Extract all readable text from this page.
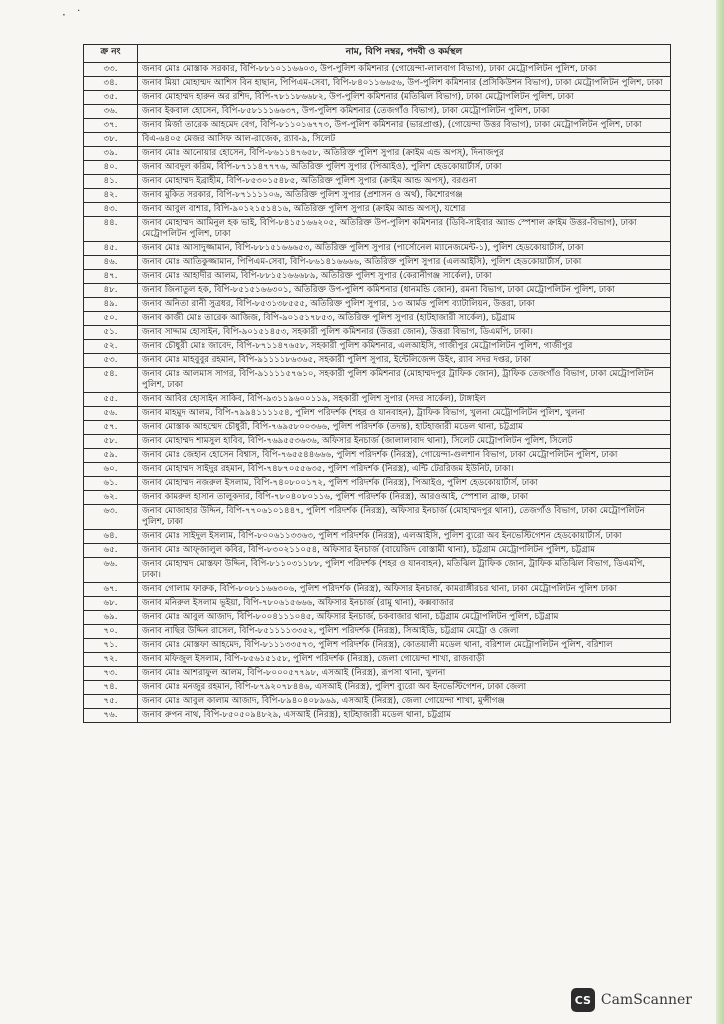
· ˙
ক্র নং	নাম, বিপি নম্বর, পদবী ও কর্মস্থল
৩৩.	জনাব মোঃ মোস্তাক সরকার, বিপি-৮৮১০১১৬৬০৩, উপ-পুলিশ কমিশনার (গোয়েন্দা-লালবাগ বিভাগ), ঢাকা মেট্রোপলিটন পুলিশ, ঢাকা
৩৪.	জনাব মিয়া মোহাম্মদ আশিস বিন হাছান, পিপিএম-সেবা, বিপি-৮৪০১১৬৬৫৬, উপ-পুলিশ কমিশনার (প্রসিকিউশন বিভাগ), ঢাকা মেট্রোপলিটন পুলিশ, ঢাকা
৩৫.	জনাব মোহাম্মদ হারুন অর রশিদ, বিপি-৭৮১১৮৬৬৮২, উপ-পুলিশ কমিশনার (মতিঝিল বিভাগ), ঢাকা মেট্রোপলিটন পুলিশ, ঢাকা
৩৬.	জনাব ইকবাল হোসেন, বিপি-৮৫৮১১১৬৬৩৭, উপ-পুলিশ কমিশনার (তেজগাঁও বিভাগ), ঢাকা মেট্রোপলিটন পুলিশ, ঢাকা
৩৭.	জনাব মির্জা তারেক আহমেদ বেগ, বিপি-৮১১০১৬৭৭৩, উপ-পুলিশ কমিশনার (ভারপ্রাপ্ত), (গোয়েন্দা উত্তর বিভাগ), ঢাকা মেট্রোপলিটন পুলিশ, ঢাকা
৩৮.	বিএ-৬৪০৫ মেজর আসিফ আল-রাজেক, র‍্যাব-৯, সিলেট
৩৯.	জনাব মোঃ আনোয়ার হোসেন, বিপি-৮৬১১৪৭৬৫৮, অতিরিক্ত পুলিশ সুপার (ক্রাইম এন্ড অপস্‌), দিনাজপুর
৪০.	জনাব আবদুল করিম, বিপি-৮৭১১৪৭৭৭৬, অতিরিক্ত পুলিশ সুপার (পিআইও), পুলিশ হেডকোয়ার্টার্স, ঢাকা
৪১.	জনাব মোহাম্মদ ইব্রাহীম, বিপি-৮৫৩০১৫৪৮৫, অতিরিক্ত পুলিশ সুপার (ক্রাইম আন্ড অপস্‌), বরগুনা
৪২.	জনাব মুকিত সরকার, বিপি-৮৭১১১১০৬, অতিরিক্ত পুলিশ সুপার (প্রশাসন ও অর্থ), কিশোরগঞ্জ
৪৩.	জনাব আবুল বাশার, বিপি-৯০১২১৫১৪১৬, অতিরিক্ত পুলিশ সুপার (ক্রাইম আন্ড অপস্‌), যশোর
৪৪.	জনাব মোহাম্মদ আমিনুল হক ভাই, বিপি-৮৪১৫১৬৬২০৫, অতিরিক্ত উপ-পুলিশ কমিশনার (ডিবি-সাইবার অ্যান্ড স্পেশাল ক্রাইম উত্তর-বিভাগ), ঢাকা মেট্রোপলিটন পুলিশ, ঢাকা
৪৫.	জনাব মোঃ আসাদুজ্জামান, বিপি-৮৮১৫১৬৬৬৫৩, অতিরিক্ত পুলিশ সুপার (পার্সোনেল ম্যানেজমেন্ট-১), পুলিশ হেডকোয়ার্টার্স, ঢাকা
৪৬.	জনাব মোঃ আতিকুজ্জামান, পিপিএম-সেবা, বিপি-৮৬১৪১৬৬৬৬, অতিরিক্ত পুলিশ সুপার (এলআইসি), পুলিশ হেডকোয়ার্টার্স, ঢাকা
৪৭.	জনাব মোঃ আহাদীর আলম, বিপি-৮৮১৫১৬৬৬৮৯, অতিরিক্ত পুলিশ সুপার (কেরানীগঞ্জ সার্কেল), ঢাকা
৪৮.	জনাব জিনাতুল হক, বিপি-৮৫১৫১৬৬৩০১, অতিরিক্ত উপ-পুলিশ কমিশনার (ধানমন্ডি জোন), রমনা বিভাগ, ঢাকা মেট্রোপলিটন পুলিশ, ঢাকা
৪৯.	জনাব অনিতা রানী সুত্রধর, বিপি-৮৫৩১৩৮৫৫৫, অতিরিক্ত পুলিশ সুপার, ১৩ আর্মড পুলিশ ব্যাটালিয়ন, উত্তরা, ঢাকা
৫০.	জনাব কাজী মোঃ তারেক আজিজ, বিপি-৯০১৫১৭৮৫৩, অতিরিক্ত পুলিশ সুপার (হাটহাজারী সার্কেল), চট্টগ্রাম
৫১.	জনাব সাদ্দাম হোসাইন, বিপি-৯০১৫১৪৫৩, সহকারী পুলিশ কমিশনার (উত্তরা জোন), উত্তরা বিভাগ, ডিএমপি, ঢাকা।
৫২.	জনাব চৌধুরী মোঃ জাবেদ, বিপি-৮৭১১৪৭৬৫৮, সহকারী পুলিশ কমিশনার, এলআইসি, গাজীপুর মেট্রোপলিটন পুলিশ, গাজীপুর
৫৩.	জনাব মোঃ মাহবুবুর রহমান, বিপি-৯১১১১৮৬৩৬৫, সহকারী পুলিশ সুপার, ইন্টেলিজেন্স উইং, র‍্যাব সদর দপ্তর, ঢাকা
৫৪.	জনাব মোঃ আলমাস সাগর, বিপি-৯১১১১৫৭৬১০, সহকারী পুলিশ কমিশনার (মোহাম্মদপুর ট্রাফিক জোন), ট্রাফিক তেজগাঁও বিভাগ, ঢাকা মেট্রোপলিটন পুলিশ, ঢাকা
৫৫.	জনাব আবির হোসাইন সাকিব, বিপি-৯৩১১৯৬০০১১৯, সহকারী পুলিশ সুপার (সদর সার্কেল), টাঙ্গাইল
৫৬.	জনাব মাহমুদ আলম, বিপি-৭৯৯৪১১১১৫৪, পুলিশ পরিদর্শক (শহর ও যানবাহন), ট্রাফিক বিভাগ, খুলনা মেট্রোপলিটন পুলিশ, খুলনা
৫৭.	জনাব মোস্তাক আহম্মেদ চৌধুরী, বিপি-৭৬৯৫৮০০৩৬৬, পুলিশ পরিদর্শক (তদন্ত), হাটহাজারী মডেল থানা, চট্টগ্রাম
৫৮.	জনাব মোহাম্মদ শামসুল হাবিব, বিপি-৭৬৯৫৫৩৬৩৬, অফিসার ইনচার্জ (জালালাবাদ থানা), সিলেট মেট্রোপলিটন পুলিশ, সিলেট
৫৯.	জনাব মোঃ জেহান হোসেন বিশ্বাস, বিপি-৭৬৫৫৪৪৬৬৬, পুলিশ পরিদর্শক (নিরস্ত্র), গোয়েন্দা-গুলশান বিভাগ, ঢাকা মেট্রোপলিটন পুলিশ, ঢাকা
৬০.	জনাব মোহাম্মদ সাইদুর রহমান, বিপি-৭৪৮৭০৫৫৬৩৫, পুলিশ পরিদর্শক (নিরস্ত্র), এন্টি টেররিজম ইউনিট, ঢাকা।
৬১.	জনাব মোহাম্মদ নজরুল ইসলাম, বিপি-৭৪০৮০০১৭২, পুলিশ পরিদর্শক (নিরস্ত্র), পিআইও, পুলিশ হেডকোয়ার্টার্স, ঢাকা
৬২.	জনাব কামরুল হাসান তালুকদার, বিপি-৭৮০৪০৮০১১৬, পুলিশ পরিদর্শক (নিরস্ত্র), আরওআই, স্পেশাল ব্রাঞ্চ, ঢাকা
৬৩.	জনাব মোজাহার উদ্দিন, বিপি-৭৭০৬১০১৪৪৭, পুলিশ পরিদর্শক (নিরস্ত্র), অফিসার ইনচার্জ (মোহাম্মদপুর থানা), তেজগাঁও বিভাগ, ঢাকা মেট্রোপলিটন পুলিশ, ঢাকা
৬৪.	জনাব মোঃ সাইদুল ইসলাম, বিপি-৮০০৬১১৩৩৬৩, পুলিশ পরিদর্শক (নিরস্ত্র), এলআইসি, পুলিশ ব্যুরো অব ইনভেস্টিগেশন হেডকোয়ার্টার্স, ঢাকা
৬৫.	জনাব মোঃ আফ্জালুল কবির, বিপি-৮৩০২১১০৫৪, অফিসার ইনচার্জ (বায়েজিদ বোস্তামী থানা), চট্টগ্রাম মেট্রোপলিটন পুলিশ, চট্টগ্রাম
৬৬.	জনাব মোহাম্মদ মোস্তফা উদ্দিন, বিপি-৮১১০৩১১৮৮, পুলিশ পরিদর্শক (শহর ও যানবাহন), মতিঝিল ট্রাফিক জোন, ট্রাফিক মতিঝিল বিভাগ, ডিএমপি, ঢাকা।
৬৭.	জনাব গোলাম ফারুক, বিপি-৮০৮১১৬৬৩০৬, পুলিশ পরিদর্শক (নিরস্ত্র), অফিসার ইনচার্জ, কামরাঙ্গীরচর থানা, ঢাকা মেট্রোপলিটন পুলিশ ঢাকা
৬৮.	জনাব মনিরুল ইসলাম ভূইয়া, বিপি-৭৮০৬১৫৬৬৬, অফিসার ইনচার্জ (রামু থানা), কক্সবাজার
৬৯.	জনাব মোঃ আবুল আজাদ, বিপি-৮০০৪১১১০৪৫, অফিসার ইনচার্জ, চকবাজার থানা, চট্টগ্রাম মেট্রোপলিটন পুলিশ, চট্টগ্রাম
৭০.	জনাব নাছির উদ্দিন রাসেল, বিপি-৮৫১১১১৩৩৫২, পুলিশ পরিদর্শক (নিরস্ত্র), সিআইডি, চট্টগ্রাম মেট্রো ও জেলা
৭১.	জনাব মোঃ মোস্তফা আহমেদ, বিপি-৮১১১৩৩৫৭৩, পুলিশ পরিদর্শক (নিরস্ত্র), কোতয়ালী মডেল থানা, বরিশাল মেট্রোপলিটন পুলিশ, বরিশাল
৭২.	জনাব মফিজুল ইসলাম, বিপি-৮৫৬১৫১৫৮, পুলিশ পরিদর্শক (নিরস্ত্র), জেলা গোয়েন্দা শাখা, রাজবাড়ী
৭৩.	জনাব মোঃ আশরাফুল আলম, বিপি-৮০০০৫৭৭৯৮, এসআই (নিরস্ত্র), রূপসা থানা, খুলনা
৭৪.	জনাব মোঃ মনজুর রহমান, বিপি-৮৭৯২০৭৮৪৪৬, এসআই (নিরস্ত্র), পুলিশ ব্যুরো অব ইনভেস্টিগেশন, ঢাকা জেলা
৭৫.	জনাব মোঃ আবুল কালাম আজাদ, বিপি-৮৯৪০৪০৮৯৬৯, এসআই (নিরস্ত্র), জেলা গোয়েন্দা শাখা, মুন্সীগঞ্জ
৭৬.	জনাব রুপন নাথ, বিপি-৮৫০৫০৯৪৮২৯, এসআই (নিরস্ত্র), হাটহাজারী মডেল থানা, চট্টগ্রাম
CS CamScanner
